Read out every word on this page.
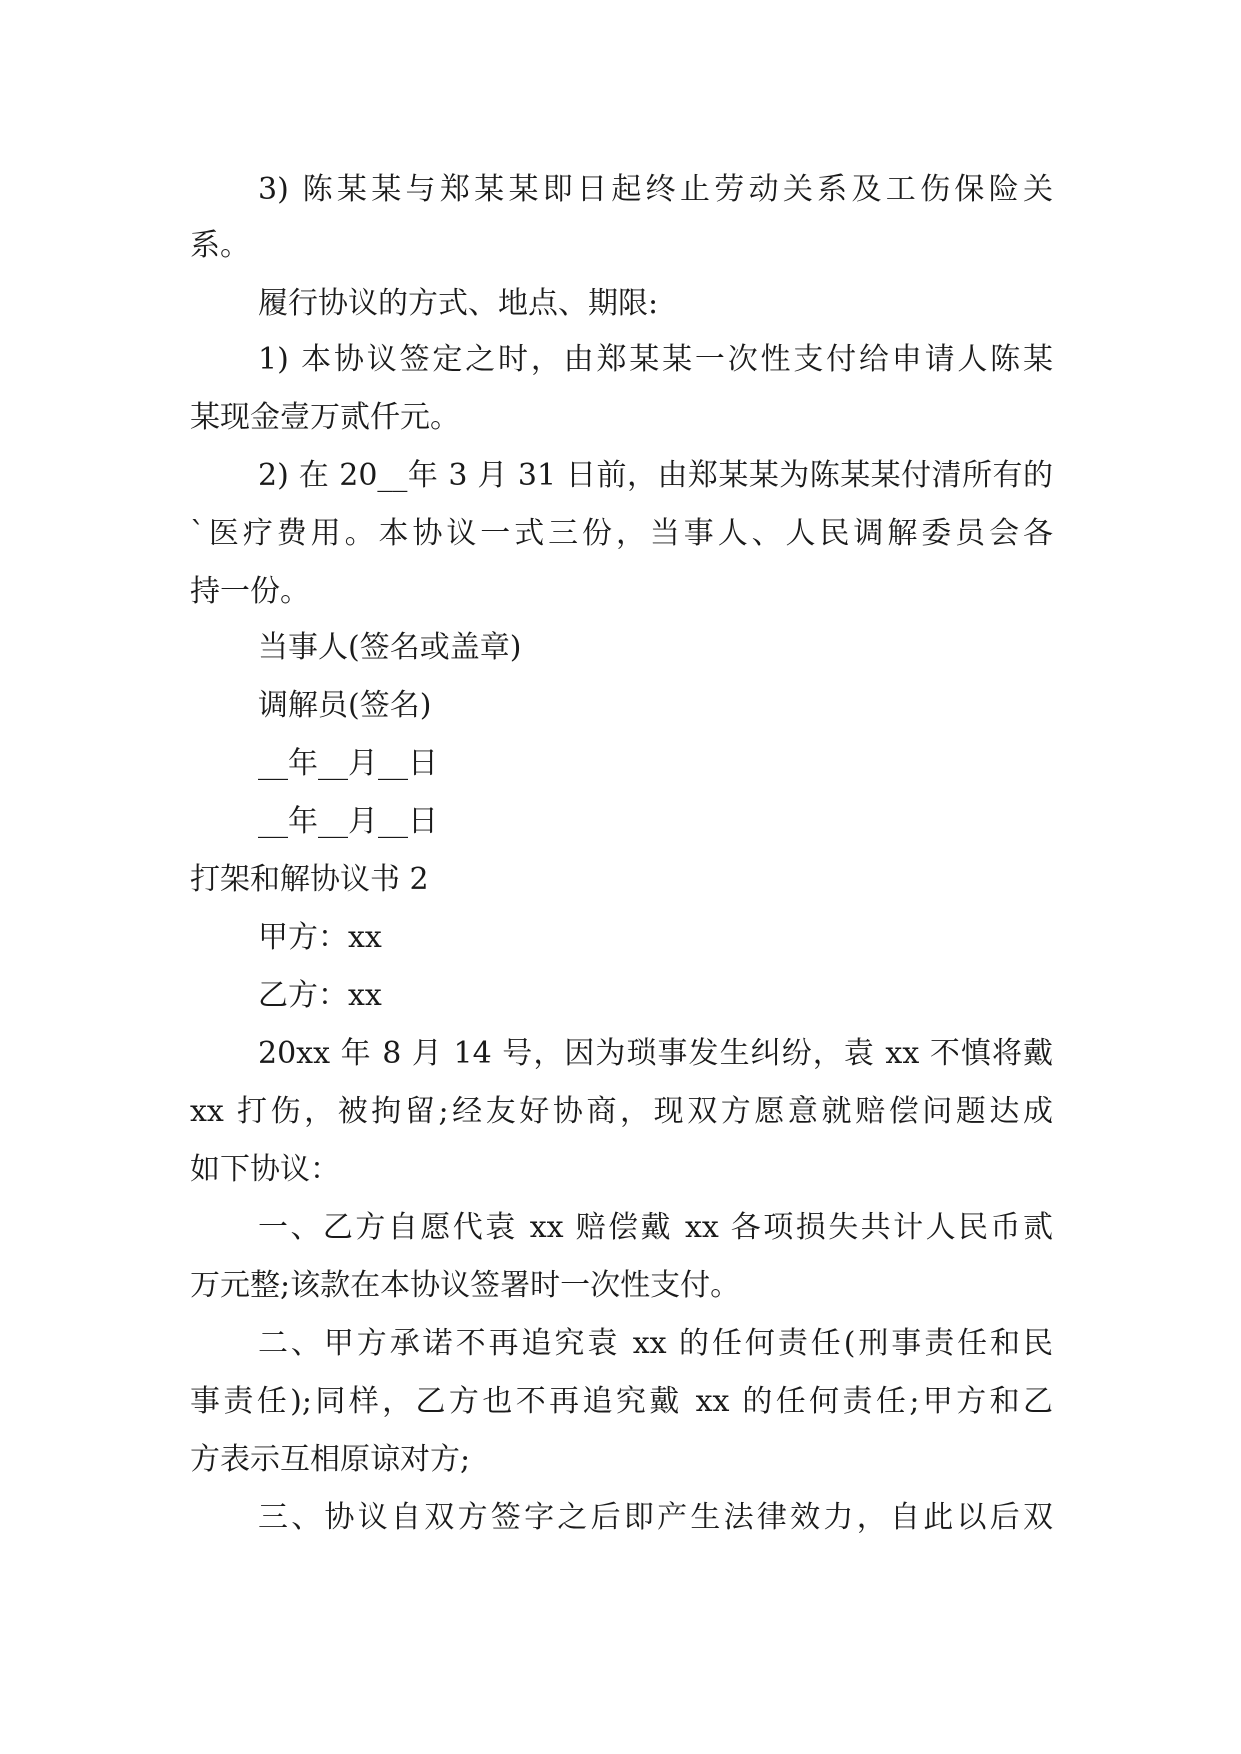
3) 陈某某与郑某某即日起终止劳动关系及工伤保险关
系。
履行协议的方式、地点、期限:
1) 本协议签定之时，由郑某某一次性支付给申请人陈某
某现金壹万贰仟元。
2) 在 20__年 3 月 31 日前，由郑某某为陈某某付清所有的
`医疗费用。本协议一式三份，当事人、人民调解委员会各
持一份。
当事人(签名或盖章)
调解员(签名)
__年__月__日
__年__月__日
打架和解协议书 2
甲方：xx
乙方：xx
20xx 年 8 月 14 号，因为琐事发生纠纷，袁 xx 不慎将戴
xx 打伤，被拘留;经友好协商，现双方愿意就赔偿问题达成
如下协议：
一、乙方自愿代袁 xx 赔偿戴 xx 各项损失共计人民币贰
万元整;该款在本协议签署时一次性支付。
二、甲方承诺不再追究袁 xx 的任何责任(刑事责任和民
事责任);同样，乙方也不再追究戴 xx 的任何责任;甲方和乙
方表示互相原谅对方;
三、协议自双方签字之后即产生法律效力，自此以后双
